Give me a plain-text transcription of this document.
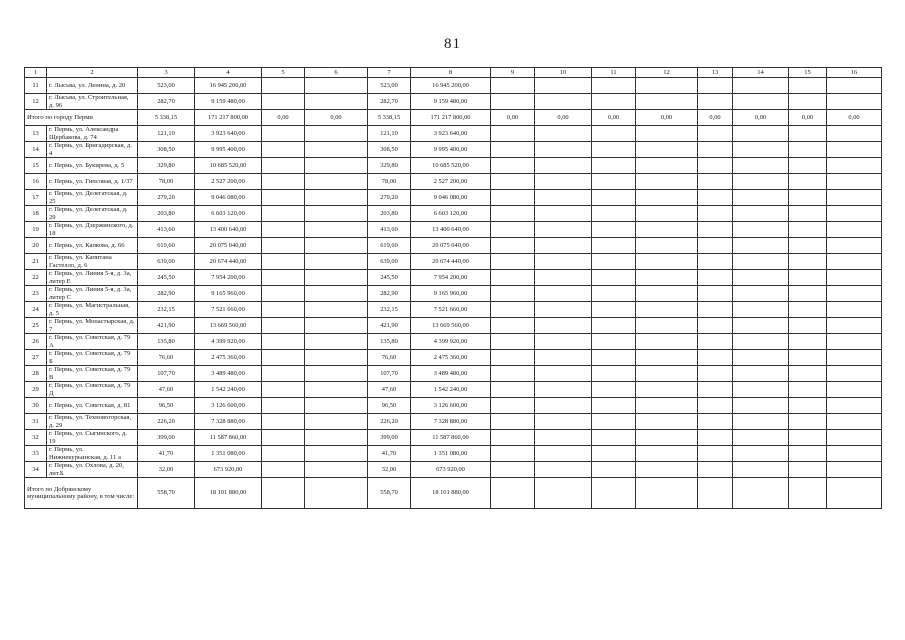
81
1	2	3	4	5	6	7	8	9	10	11	12	13	14	15	16
11	г. Лысьва, ул. Ленина, д. 20	523,00	16 945 200,00			523,00	16 945 200,00								
12	г. Лысьва, ул. Строительная, д. 96	282,70	9 159 480,00			282,70	9 159 480,00								
Итого по городу Перми		5 338,15	171 217 800,00	0,00	0,00	5 338,15	171 217 800,00	0,00	0,00	0,00	0,00	0,00	0,00	0,00	0,00
13	г. Пермь, ул. Александра Щербакова, д. 74	121,10	3 923 640,00			121,10	3 923 640,00								
14	г. Пермь, ул. Бригадирская, д. 4	308,50	9 995 400,00			308,50	9 995 400,00								
15	г. Пермь, ул. Букирева, д. 5	329,80	10 685 520,00			329,80	10 685 520,00								
16	г. Пермь, ул. Гипсовая, д. 1/37	78,00	2 527 200,00			78,00	2 527 200,00								
17	г. Пермь, ул. Делегатская, д. 25	279,20	9 046 080,00			279,20	9 046 080,00								
18	г. Пермь, ул. Делегатская, д. 29	203,80	6 603 120,00			203,80	6 603 120,00								
19	г. Пермь, ул. Дзержинского, д. 18	413,60	13 400 640,00			413,60	13 400 640,00								
20	г. Пермь, ул. Капкова, д. 66	619,60	20 075 040,00			619,60	20 075 040,00								
21	г. Пермь, ул. Капитана Гастелло, д. 6	639,00	20 674 440,00			639,00	20 674 440,00								
22	г. Пермь, ул. Линия 5-я, д. 3а, литер Е	245,50	7 954 200,00			245,50	7 954 200,00								
23	г. Пермь, ул. Линия 5-я, д. 3а, литер С	282,90	9 165 960,00			282,90	9 165 960,00								
24	г. Пермь, ул. Магистральная, д. 5	232,15	7 521 660,00			232,15	7 521 660,00								
25	г. Пермь, ул. Монастырская, д. 7	421,90	13 669 560,00			421,90	13 669 560,00								
26	г. Пермь, ул. Советская, д. 79 А	135,80	4 399 920,00			135,80	4 399 920,00								
27	г. Пермь, ул. Советская, д. 79 Б	76,60	2 475 360,00			76,60	2 475 360,00								
28	г. Пермь, ул. Советская, д. 79 В	107,70	3 489 480,00			107,70	3 489 480,00								
29	г. Пермь, ул. Советская, д. 79 Д	47,60	1 542 240,00			47,60	1 542 240,00								
30	г. Пермь, ул. Советская, д. 81	96,50	3 126 600,00			96,50	3 126 600,00								
31	г. Пермь, ул. Техновогорская, д. 29	226,20	7 328 880,00			226,20	7 328 880,00								
32	г. Пермь, ул. Сыгинского, д. 19	399,00	11 587 860,00			399,00	11 587 860,00								
33	г. Пермь, ул. Нижнекурьинская, д. 11 а	41,70	1 351 080,00			41,70	1 351 080,00								
34	г. Пермь, ул. Охлова, д. 20, лит.Б	32,00	673 920,00			32,00	673 920,00								
Итого по Добрянскому муниципальному району, в том числе:		558,70	18 101 880,00			558,70	18 101 880,00								
